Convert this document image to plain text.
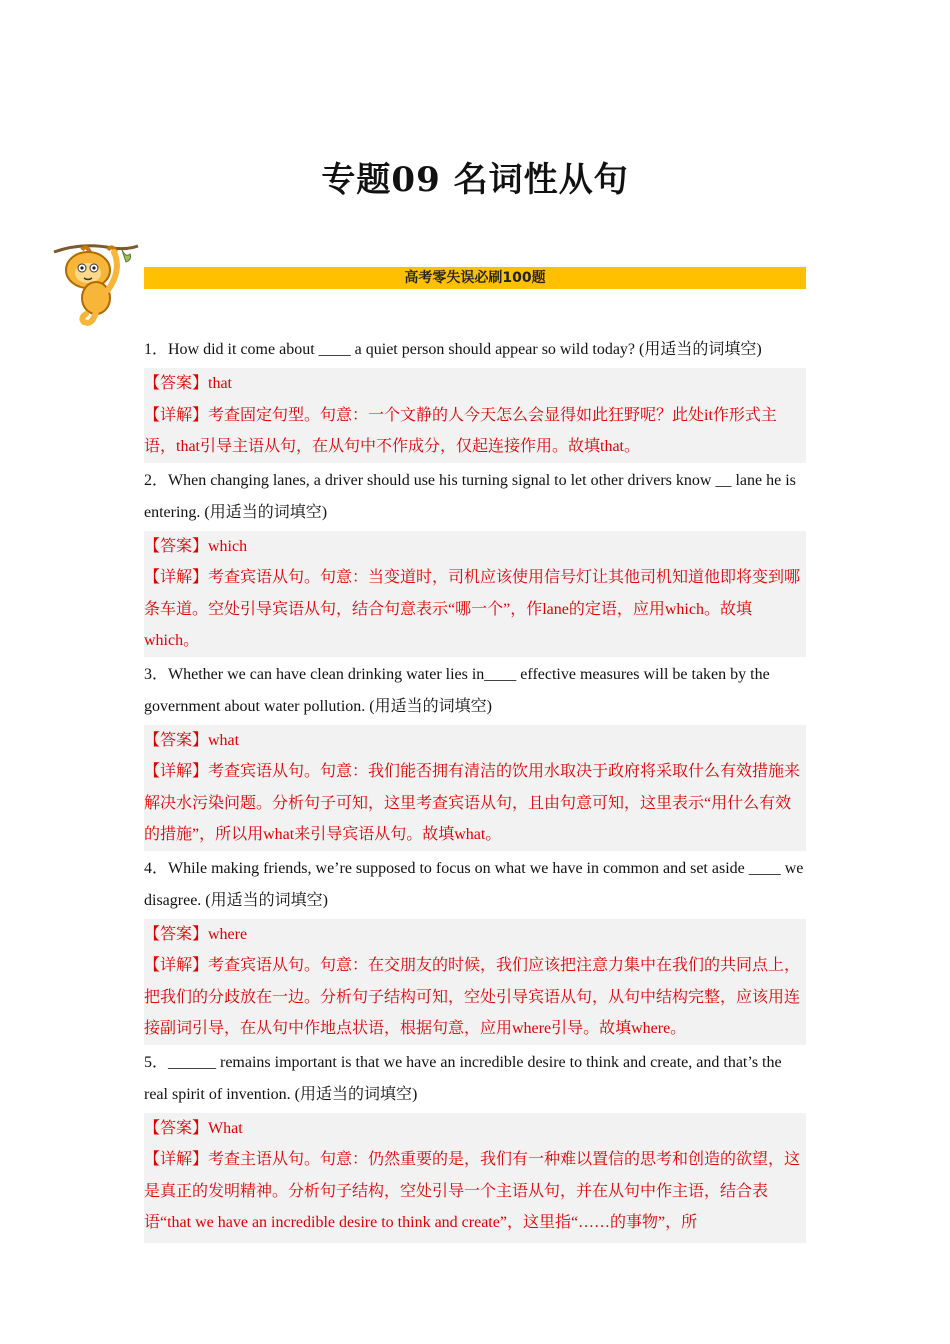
专题09 名词性从句
高考零失误必刷100题

1．How did it come about ____ a quiet person should appear so wild today? (用适当的词填空)

【答案】that

【详解】考查固定句型。句意：一个文静的人今天怎么会显得如此狂野呢？此处it作形式主语，that引导主语从句，在从句中不作成分，仅起连接作用。故填that。

2．When changing lanes, a driver should use his turning signal to let other drivers know __ lane he is entering. (用适当的词填空)

【答案】which

【详解】考查宾语从句。句意：当变道时，司机应该使用信号灯让其他司机知道他即将变到哪条车道。空处引导宾语从句，结合句意表示“哪一个”，作lane的定语，应用which。故填which。

3．Whether we can have clean drinking water lies in____ effective measures will be taken by the government about water pollution. (用适当的词填空)

【答案】what

【详解】考查宾语从句。句意：我们能否拥有清洁的饮用水取决于政府将采取什么有效措施来解决水污染问题。分析句子可知，这里考查宾语从句，且由句意可知，这里表示“用什么有效的措施”，所以用what来引导宾语从句。故填what。

4．While making friends, we’re supposed to focus on what we have in common and set aside ____ we disagree. (用适当的词填空)

【答案】where

【详解】考查宾语从句。句意：在交朋友的时候，我们应该把注意力集中在我们的共同点上，把我们的分歧放在一边。分析句子结构可知，空处引导宾语从句，从句中结构完整，应该用连接副词引导，在从句中作地点状语，根据句意，应用where引导。故填where。

5．______ remains important is that we have an incredible desire to think and create, and that’s the real spirit of invention. (用适当的词填空)

【答案】What

【详解】考查主语从句。句意：仍然重要的是，我们有一种难以置信的思考和创造的欲望，这是真正的发明精神。分析句子结构，空处引导一个主语从句，并在从句中作主语，结合表语“that we have an incredible desire to think and create”，这里指“……的事物”，所
